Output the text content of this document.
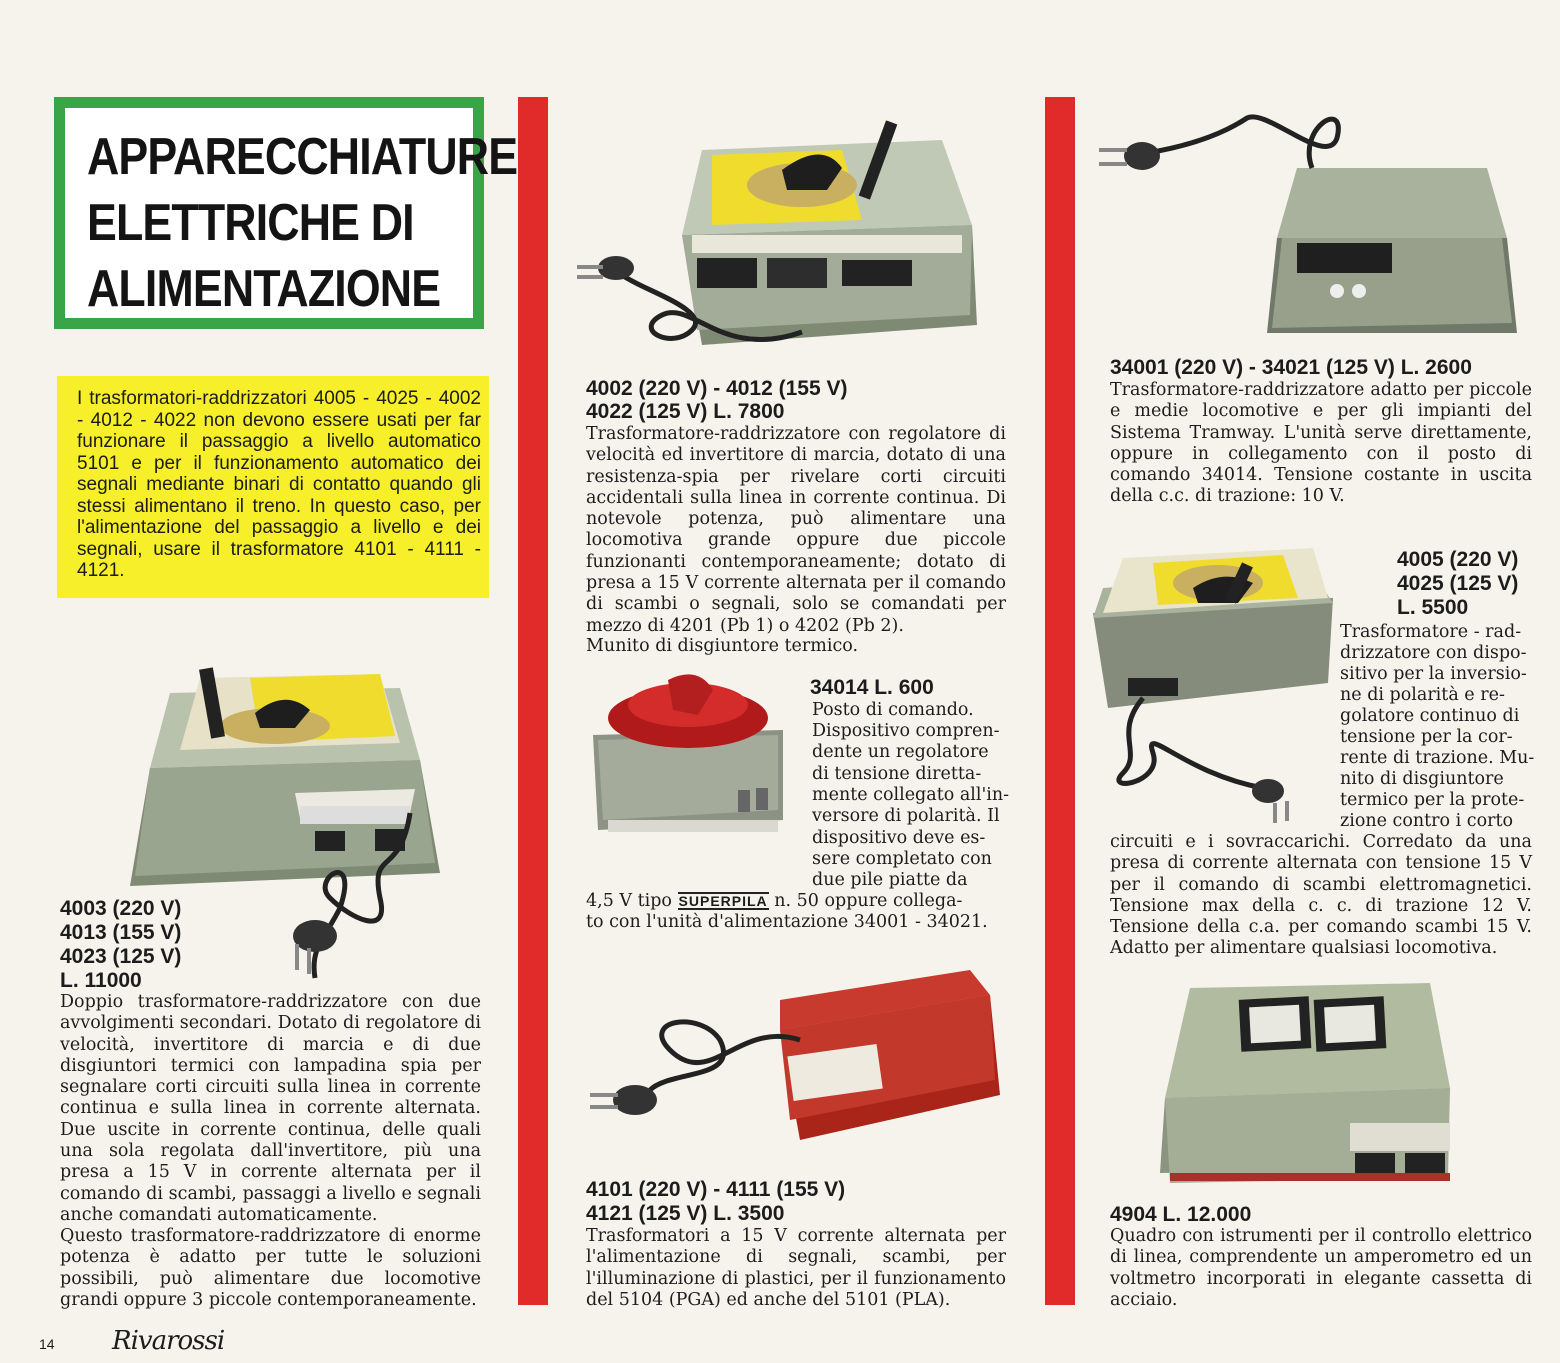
APPARECCHIATURE
ELETTRICHE DI
ALIMENTAZIONE
I trasformatori-raddrizzatori 4005 - 4025 - 4002 - 4012 - 4022 non devono essere usati per far funzionare il passaggio a livello automatico 5101 e per il funzionamento automatico dei segnali mediante binari di contatto quando gli stessi alimentano il treno. In questo caso, per l'alimentazione del passaggio a livello e dei segnali, usare il trasformatore 4101 - 4111 - 4121.
4003 (220 V)
4013 (155 V)
4023 (125 V)
L. 11000
Doppio trasformatore-raddrizzatore con due avvolgimenti secondari. Dotato di regolatore di velocità, invertitore di marcia e di due disgiuntori termici con lampadina spia per segnalare corti circuiti sulla linea in corrente continua e sulla linea in corrente alternata. Due uscite in corrente continua, delle quali una sola regolata dall'invertitore, più una presa a 15 V in corrente alternata per il comando di scambi, passaggi a livello e segnali anche comandati automaticamente.
Questo trasformatore-raddrizzatore di enorme potenza è adatto per tutte le soluzioni possibili, può alimentare due locomotive grandi oppure 3 piccole contemporaneamente.
4002 (220 V) - 4012 (155 V)
4022 (125 V) L. 7800
Trasformatore-raddrizzatore con regolatore di velocità ed invertitore di marcia, dotato di una resistenza-spia per rivelare corti circuiti accidentali sulla linea in corrente continua. Di notevole potenza, può alimentare una locomotiva grande oppure due piccole funzionanti contemporaneamente; dotato di presa a 15 V corrente alternata per il comando di scambi o segnali, solo se comandati per mezzo di 4201 (Pb 1) o 4202 (Pb 2).
Munito di disgiuntore termico.
34014 L. 600
Posto di comando.
Dispositivo compren-
dente un regolatore
di tensione diretta-
mente collegato all'in-
versore di polarità. Il
dispositivo deve es-
sere completato con
due pile piatte da
4,5 V tipo SUPERPILA n. 50 oppure collega-
to con l'unità d'alimentazione 34001 - 34021.
4101 (220 V) - 4111 (155 V)
4121 (125 V) L. 3500
Trasformatori a 15 V corrente alternata per l'alimentazione di segnali, scambi, per l'illuminazione di plastici, per il funzionamento del 5104 (PGA) ed anche del 5101 (PLA).
34001 (220 V) - 34021 (125 V) L. 2600
Trasformatore-raddrizzatore adatto per piccole e medie locomotive e per gli impianti del Sistema Tramway. L'unità serve direttamente, oppure in collegamento con il posto di comando 34014. Tensione costante in uscita della c.c. di trazione: 10 V.
4005 (220 V)
4025 (125 V)
L. 5500
Trasformatore - rad-
drizzatore con dispo-
sitivo per la inversio-
ne di polarità e re-
golatore continuo di
tensione per la cor-
rente di trazione. Mu-
nito di disgiuntore
termico per la prote-
zione contro i corto
circuiti e i sovraccarichi. Corredato da una presa di corrente alternata con tensione 15 V per il comando di scambi elettromagnetici. Tensione max della c. c. di trazione 12 V. Tensione della c.a. per comando scambi 15 V. Adatto per alimentare qualsiasi locomotiva.
4904 L. 12.000
Quadro con istrumenti per il controllo elettrico di linea, comprendente un amperometro ed un voltmetro incorporati in elegante cassetta di acciaio.
14 Rivarossi
